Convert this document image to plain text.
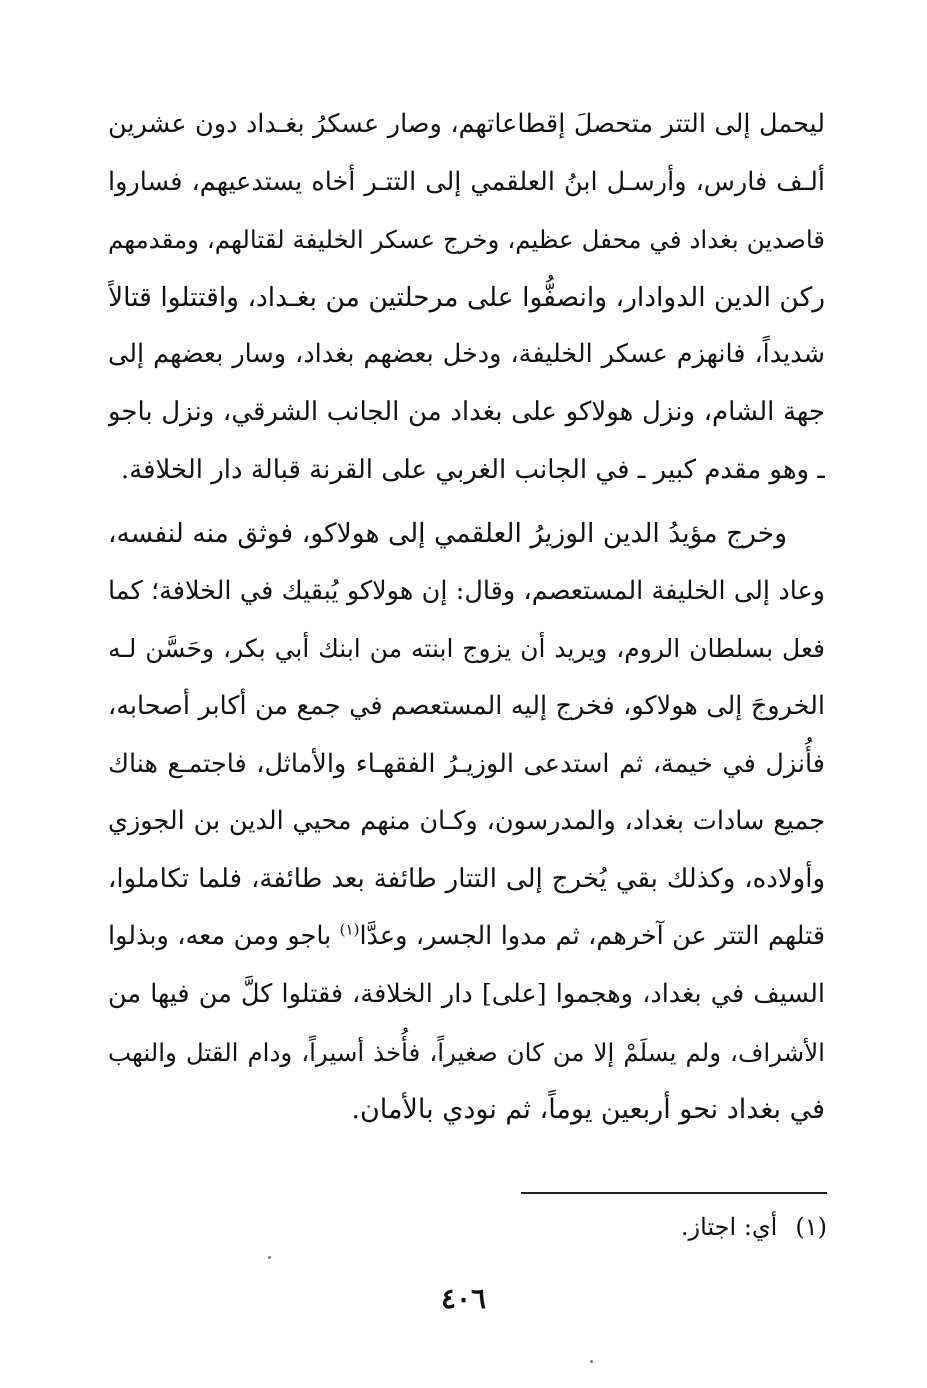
ليحمل إلى التتر متحصلَ إقطاعاتهم، وصار عسكرُ بغـداد دون عشرين
ألـف فارس، وأرسـل ابنُ العلقمي إلى التتـر أخاه يستدعيهم، فساروا
قاصدين بغداد في محفل عظيم، وخرج عسكر الخليفة لقتالهم، ومقدمهم
ركن الدين الدوادار، وانصفُّوا على مرحلتين من بغـداد، واقتتلوا قتالاً
شديداً، فانهزم عسكر الخليفة، ودخل بعضهم بغداد، وسار بعضهم إلى
جهة الشام، ونزل هولاكو على بغداد من الجانب الشرقي، ونزل باجو
ـ وهو مقدم كبير ـ في الجانب الغربي على القرنة قبالة دار الخلافة.
وخرج مؤيدُ الدين الوزيرُ العلقمي إلى هولاكو، فوثق منه لنفسه،
وعاد إلى الخليفة المستعصم، وقال: إن هولاكو يُبقيك في الخلافة؛ كما
فعل بسلطان الروم، ويريد أن يزوج ابنته من ابنك أبي بكر، وحَسَّن لـه
الخروجَ إلى هولاكو، فخرج إليه المستعصم في جمع من أكابر أصحابه،
فأُنزل في خيمة، ثم استدعى الوزيـرُ الفقهـاء والأماثل، فاجتمـع هناك
جميع سادات بغداد، والمدرسون، وكـان منهم محيي الدين بن الجوزي
وأولاده، وكذلك بقي يُخرج إلى التتار طائفة بعد طائفة، فلما تكاملوا،
قتلهم التتر عن آخرهم، ثم مدوا الجسر، وعدَّا$^{(١)}$ باجو ومن معه، وبذلوا
السيف في بغداد، وهجموا [على] دار الخلافة، فقتلوا كلَّ من فيها من
الأشراف، ولم يسلَمْ إلا من كان صغيراً، فأُخذ أسيراً، ودام القتل والنهب
في بغداد نحو أربعين يوماً، ثم نودي بالأمان.
(١)أي: اجتاز.
٤٠٦
